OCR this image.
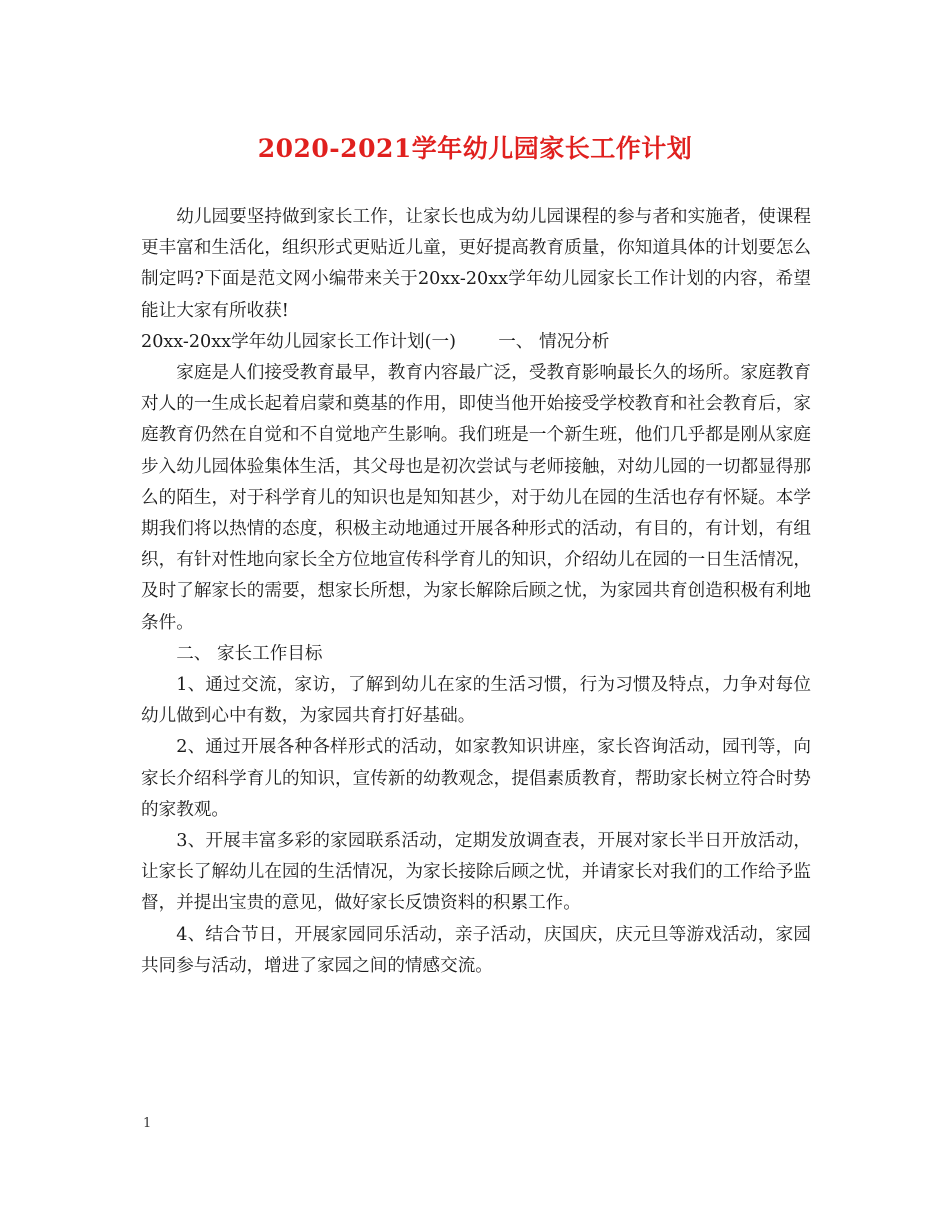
2020-2021学年幼儿园家长工作计划

幼儿园要坚持做到家长工作，让家长也成为幼儿园课程的参与者和实施者，使课程更丰富和生活化，组织形式更贴近儿童，更好提高教育质量，你知道具体的计划要怎么制定吗?下面是范文网小编带来关于20xx-20xx学年幼儿园家长工作计划的内容，希望能让大家有所收获!

20xx-20xx学年幼儿园家长工作计划(一) 一、 情况分析

家庭是人们接受教育最早，教育内容最广泛，受教育影响最长久的场所。家庭教育对人的一生成长起着启蒙和奠基的作用，即使当他开始接受学校教育和社会教育后，家庭教育仍然在自觉和不自觉地产生影响。我们班是一个新生班，他们几乎都是刚从家庭步入幼儿园体验集体生活，其父母也是初次尝试与老师接触，对幼儿园的一切都显得那么的陌生，对于科学育儿的知识也是知知甚少，对于幼儿在园的生活也存有怀疑。本学期我们将以热情的态度，积极主动地通过开展各种形式的活动，有目的，有计划，有组织，有针对性地向家长全方位地宣传科学育儿的知识，介绍幼儿在园的一日生活情况，及时了解家长的需要，想家长所想，为家长解除后顾之忧，为家园共育创造积极有利地条件。

二、 家长工作目标

1、通过交流，家访，了解到幼儿在家的生活习惯，行为习惯及特点，力争对每位幼儿做到心中有数，为家园共育打好基础。

2、通过开展各种各样形式的活动，如家教知识讲座，家长咨询活动，园刊等，向家长介绍科学育儿的知识，宣传新的幼教观念，提倡素质教育，帮助家长树立符合时势的家教观。

3、开展丰富多彩的家园联系活动，定期发放调查表，开展对家长半日开放活动，让家长了解幼儿在园的生活情况，为家长接除后顾之忧，并请家长对我们的工作给予监督，并提出宝贵的意见，做好家长反馈资料的积累工作。

4、结合节日，开展家园同乐活动，亲子活动，庆国庆，庆元旦等游戏活动，家园共同参与活动，增进了家园之间的情感交流。

1
